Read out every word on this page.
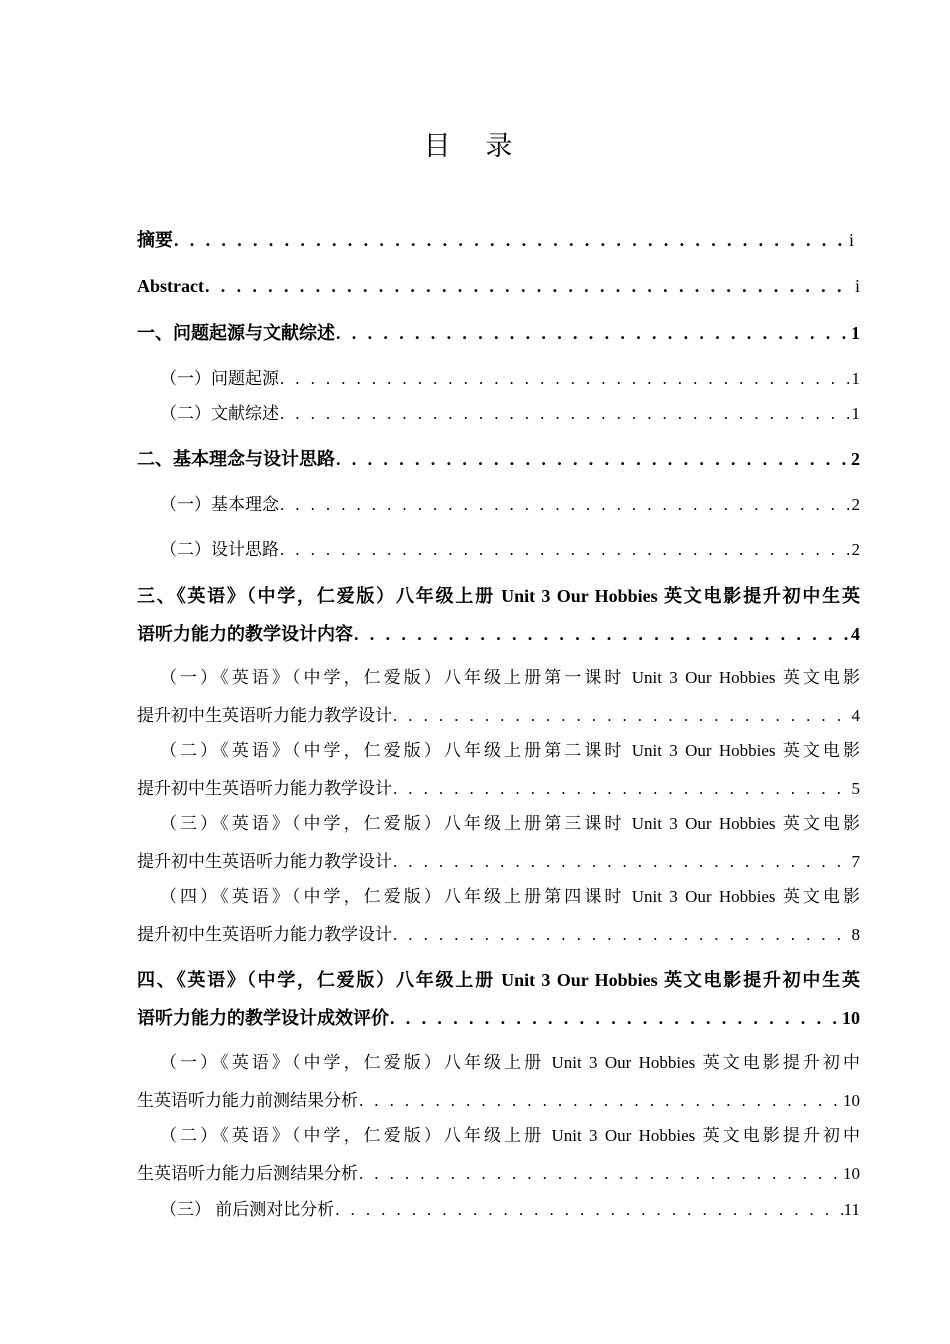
目 录
摘要 . . .	i
Abstract . . .	i
一、问题起源与文献综述 . . .	1
（一）问题起源 . . .	1
（二）文献综述 . . .	1
二、基本理念与设计思路 . . .	2
（一）基本理念 . . .	2
（二）设计思路 . . .	2
三、《英语》（中学，仁爱版）八年级上册 Unit 3 Our Hobbies 英文电影提升初中生英
语听力能力的教学设计内容 . . .	4
（一）《英语》（中学，仁爱版）八年级上册第一课时 Unit 3 Our Hobbies 英文电影
提升初中生英语听力能力教学设计 . . .	4
（二）《英语》（中学，仁爱版）八年级上册第二课时 Unit 3 Our Hobbies 英文电影
提升初中生英语听力能力教学设计 . . .	5
（三）《英语》（中学，仁爱版）八年级上册第三课时 Unit 3 Our Hobbies 英文电影
提升初中生英语听力能力教学设计 . . .	7
（四）《英语》（中学，仁爱版）八年级上册第四课时 Unit 3 Our Hobbies 英文电影
提升初中生英语听力能力教学设计 . . .	8
四、《英语》（中学，仁爱版）八年级上册 Unit 3 Our Hobbies 英文电影提升初中生英
语听力能力的教学设计成效评价 . . .	10
（一）《英语》（中学，仁爱版）八年级上册 Unit 3 Our Hobbies 英文电影提升初中
生英语听力能力前测结果分析 . . .	10
（二）《英语》（中学，仁爱版）八年级上册 Unit 3 Our Hobbies 英文电影提升初中
生英语听力能力后测结果分析 . . .	10
（三） 前后测对比分析 . . .	11
